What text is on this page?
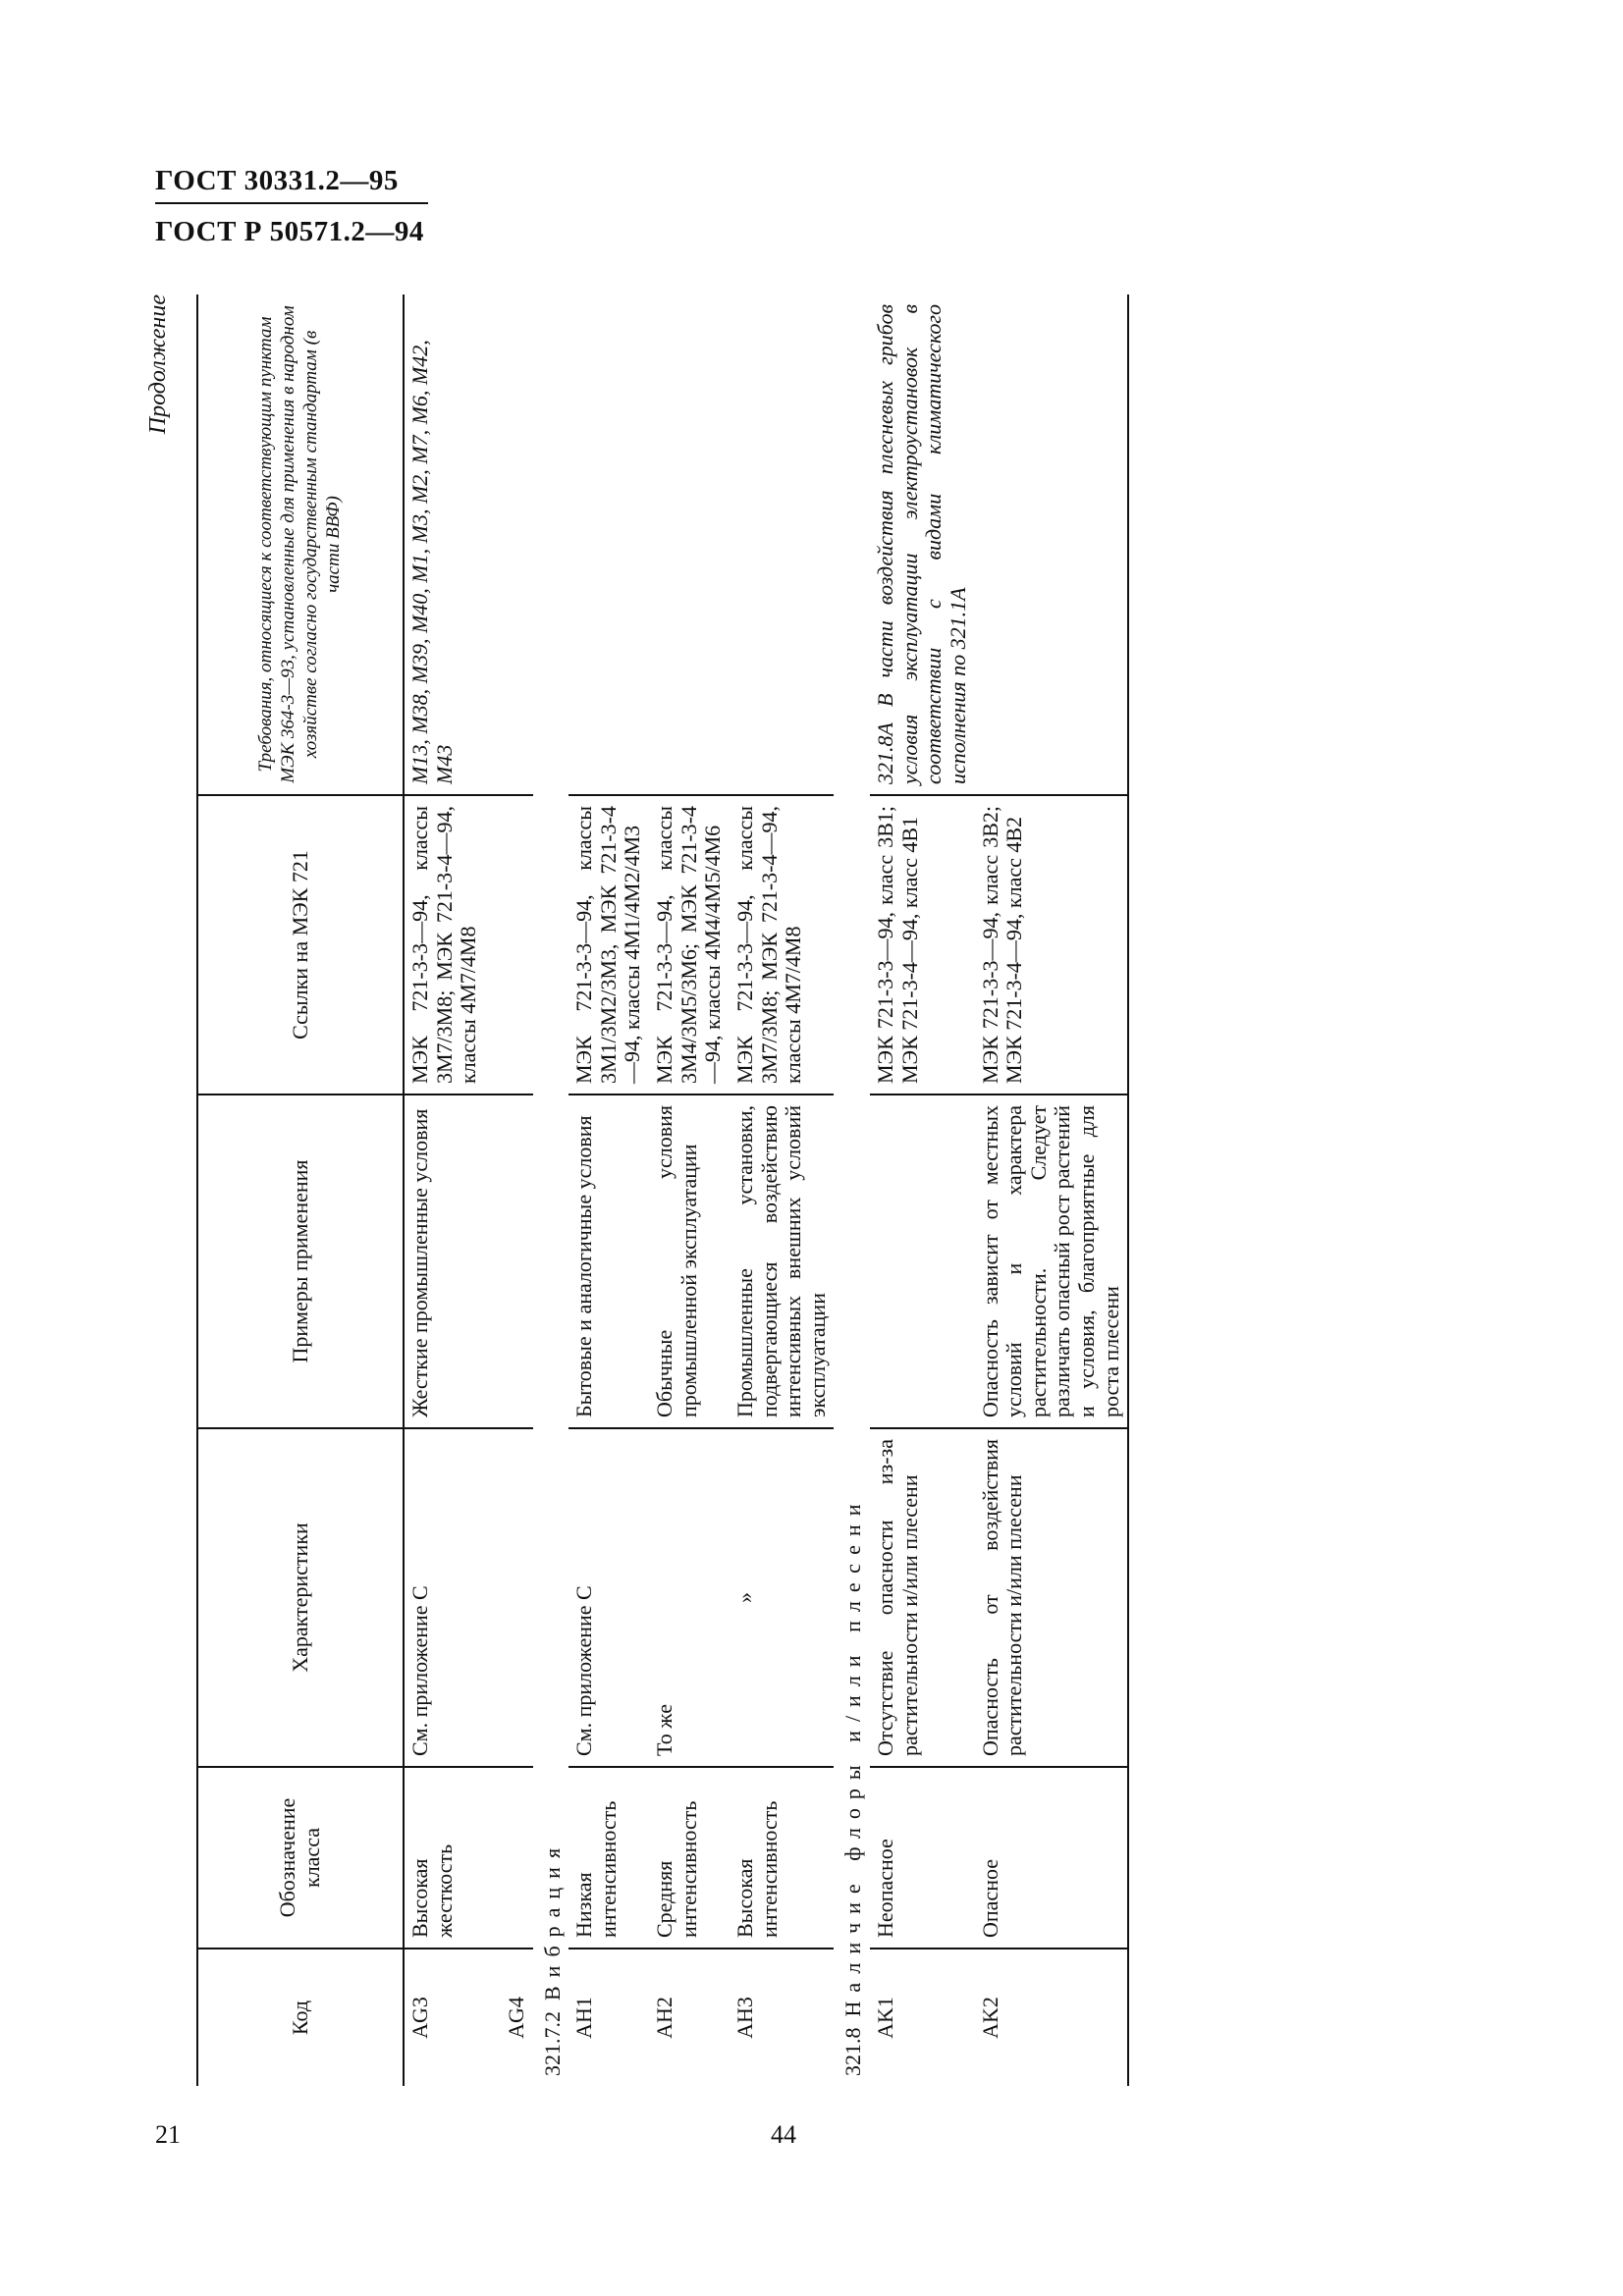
ГОСТ 30331.2—95
ГОСТ Р 50571.2—94
Продолжение
Код	Обозначение класса	Характеристики	Примеры применения	Ссылки на МЭК 721	Требования, относящиеся к соответствующим пунктам МЭК 364-3—93, установленные для применения в народном хозяйстве согласно государственным стандартам (в части ВВФ)
AG3	Высокая жесткость	См. приложение C	Жесткие промышленные условия	МЭК 721-3-3—94, классы 3M7/3M8; МЭК 721-3-4—94, классы 4M7/4M8	M13, M38, M39, M40, M1, M3, M2, M7, M6, M42, M43
AG4					
321.7.2  Вибрация					
AH1	Низкая интенсивность	См. приложение C	Бытовые и аналогичные условия	МЭК 721-3-3—94, классы 3M1/3M2/3M3, МЭК 721-3-4—94, классы 4M1/4M2/4M3	
AH2	Средняя интенсивность	То же	Обычные условия промышленной эксплуатации	МЭК 721-3-3—94, классы 3M4/3M5/3M6; МЭК 721-3-4—94, классы 4M4/4M5/4M6	
AH3	Высокая интенсивность	»	Промышленные установки, подвергающиеся воздействию интенсивных внешних условий эксплуатации	МЭК 721-3-3—94, классы 3M7/3M8; МЭК 721-3-4—94, классы 4M7/4M8	
321.8  Наличие флоры и/или плесени					
AK1	Неопасное	Отсутствие опасности из-за растительности и/или плесени		МЭК 721-3-3—94, класс 3B1; МЭК 721-3-4—94, класс 4B1	321.8А В части воздействия плесневых грибов условия эксплуатации электроустановок в соответствии с видами климатического исполнения по 321.1А
AK2	Опасное	Опасность от воздействия растительности и/или плесени	Опасность зависит от местных условий и характера растительности. Следует различать опасный рост растений и условия, благоприятные для роста плесени	МЭК 721-3-3—94, класс 3B2; МЭК 721-3-4—94, класс 4B2	
21	44
